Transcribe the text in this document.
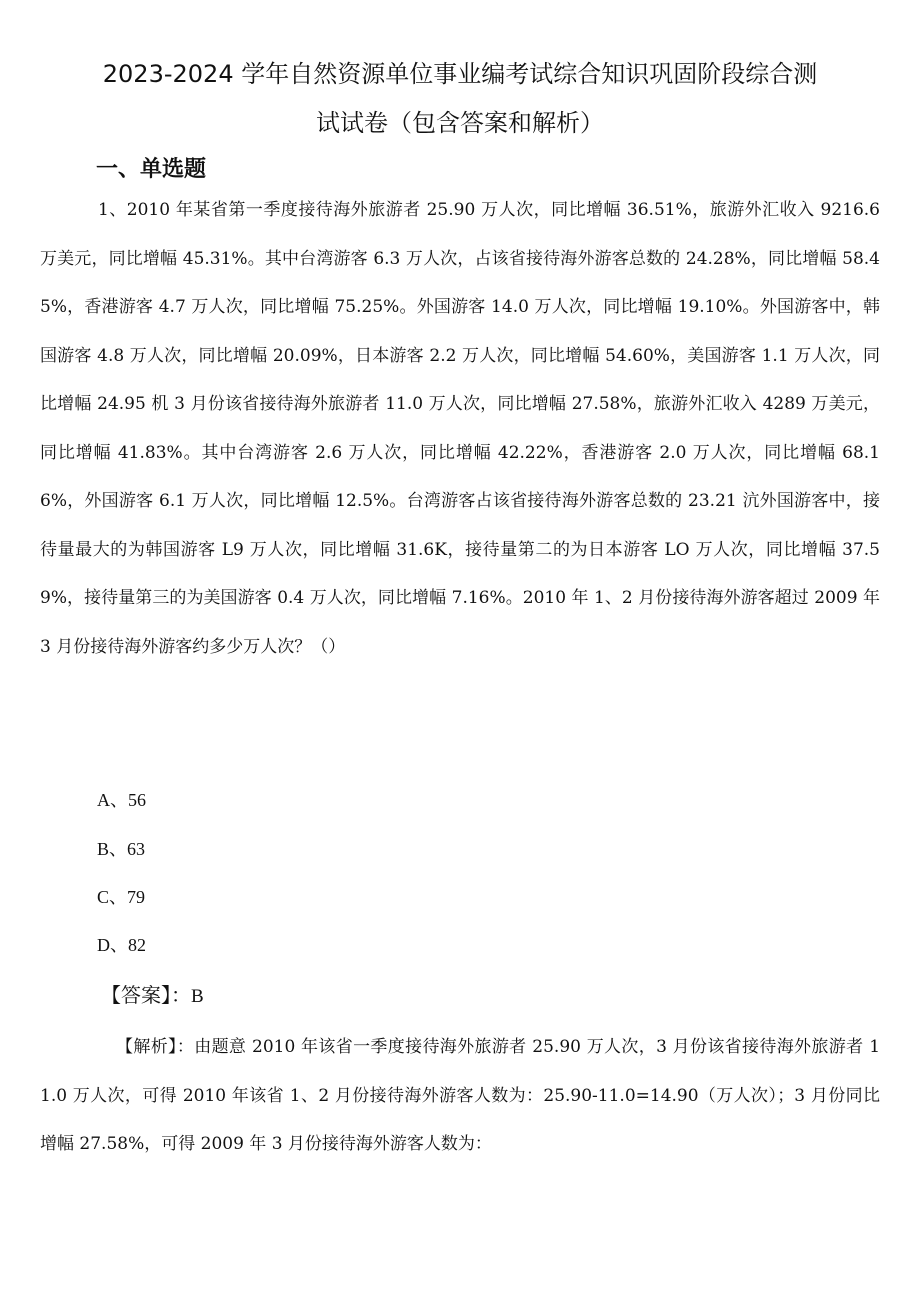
2023-2024 学年自然资源单位事业编考试综合知识巩固阶段综合测
试试卷（包含答案和解析）
一、单选题

1、2010 年某省第一季度接待海外旅游者 25.90 万人次，同比增幅 36.51%，旅游外汇收入 9216.6 万美元，同比增幅 45.31%。其中台湾游客 6.3 万人次，占该省接待海外游客总数的 24.28%，同比增幅 58.45%，香港游客 4.7 万人次，同比增幅 75.25%。外国游客 14.0 万人次，同比增幅 19.10%。外国游客中，韩国游客 4.8 万人次，同比增幅 20.09%，日本游客 2.2 万人次，同比增幅 54.60%，美国游客 1.1 万人次，同比增幅 24.95 机 3 月份该省接待海外旅游者 11.0 万人次，同比增幅 27.58%，旅游外汇收入 4289 万美元，同比增幅 41.83%。其中台湾游客 2.6 万人次，同比增幅 42.22%，香港游客 2.0 万人次，同比增幅 68.16%，外国游客 6.1 万人次，同比增幅 12.5%。台湾游客占该省接待海外游客总数的 23.21 沆外国游客中，接待量最大的为韩国游客 L9 万人次，同比增幅 31.6K，接待量第二的为日本游客 LO 万人次，同比增幅 37.59%，接待量第三的为美国游客 0.4 万人次，同比增幅 7.16%。2010 年 1、2 月份接待海外游客超过 2009 年 3 月份接待海外游客约多少万人次？（）

A、56

B、63

C、79

D、82

【答案】：B

【解析】：由题意 2010 年该省一季度接待海外旅游者 25.90 万人次，3 月份该省接待海外旅游者 11.0 万人次，可得 2010 年该省 1、2 月份接待海外游客人数为：25.90-11.0=14.90（万人次）；3 月份同比增幅 27.58%，可得 2009 年 3 月份接待海外游客人数为：
